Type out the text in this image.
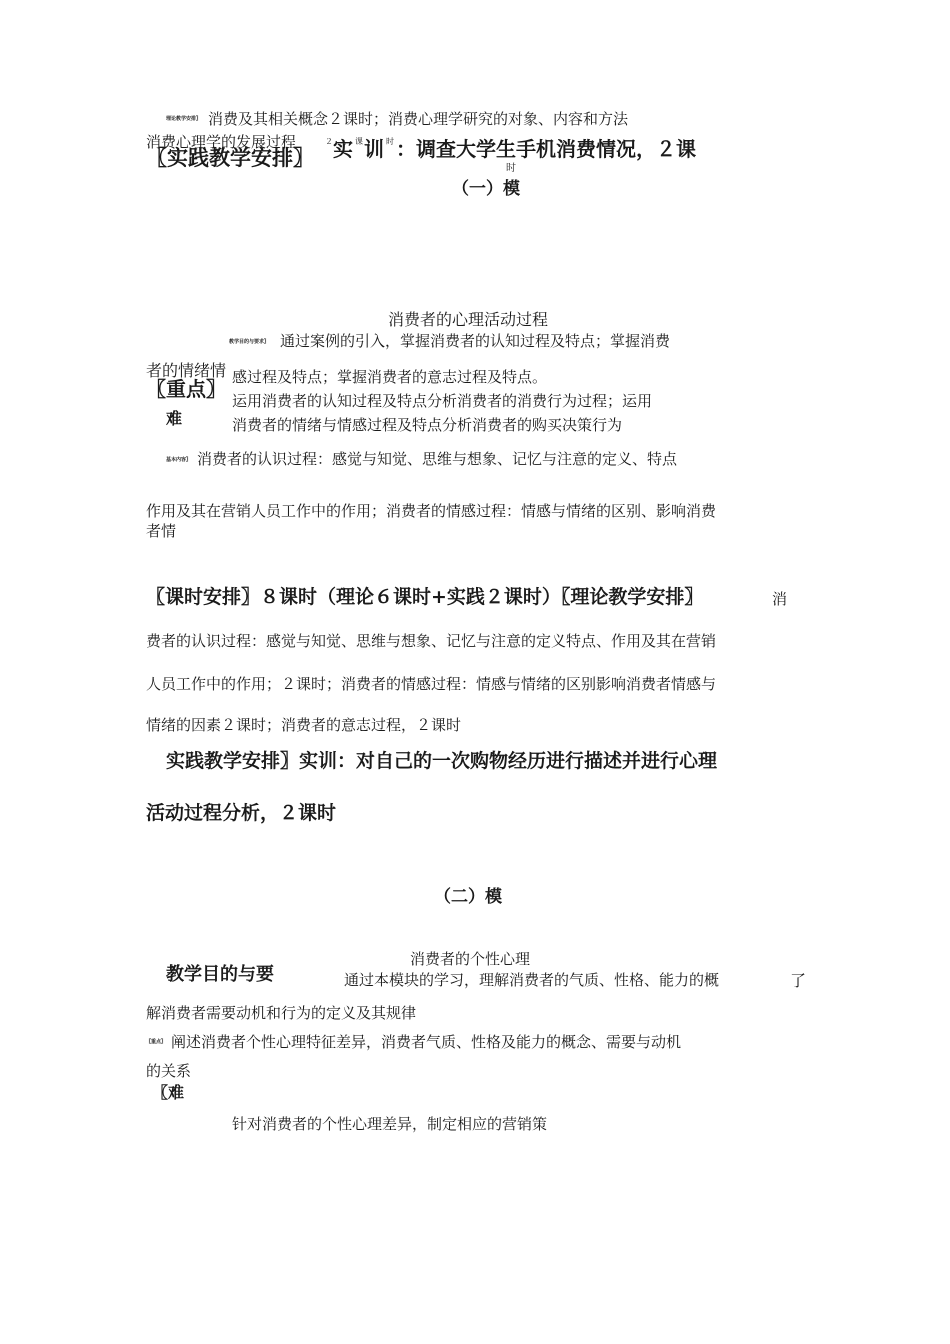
理论教学安排〗 消费及其相关概念２课时；消费心理学研究的对象、内容和方法
消费心理学的发展过程	２
〖实践教学安排〗 实 课 训 时 ：调查大学生手机消费情况，２课
时
（一）模
消费者的心理活动过程
教学目的与要求〗 通过案例的引入，掌握消费者的认知过程及特点；掌握消费
者的情绪情 感过程及特点；掌握消费者的意志过程及特点。
〖重点〗 运用消费者的认知过程及特点分析消费者的消费行为过程；运用
难	消费者的情绪与情感过程及特点分析消费者的购买决策行为
基本内容〗 消费者的认识过程：感觉与知觉、思维与想象、记忆与注意的定义、特点
作用及其在营销人员工作中的作用；消费者的情感过程：情感与情绪的区别、影响消费
者情
〖课时安排〗８课时（理论６课时+实践２课时）〖理论教学安排〗	消
费者的认识过程：感觉与知觉、思维与想象、记忆与注意的定义特点、作用及其在营销
人员工作中的作用；２课时；消费者的情感过程：情感与情绪的区别影响消费者情感与
情绪的因素２课时；消费者的意志过程，２课时
实践教学安排〗实训：对自己的一次购物经历进行描述并进行心理
活动过程分析，２课时
（二）模
消费者的个性心理
教学目的与要	通过本模块的学习，理解消费者的气质、性格、能力的概	了
解消费者需要动机和行为的定义及其规律
〖重点〗 阐述消费者个性心理特征差异，消费者气质、性格及能力的概念、需要与动机
的关系
〖难
针对消费者的个性心理差异，制定相应的营销策
